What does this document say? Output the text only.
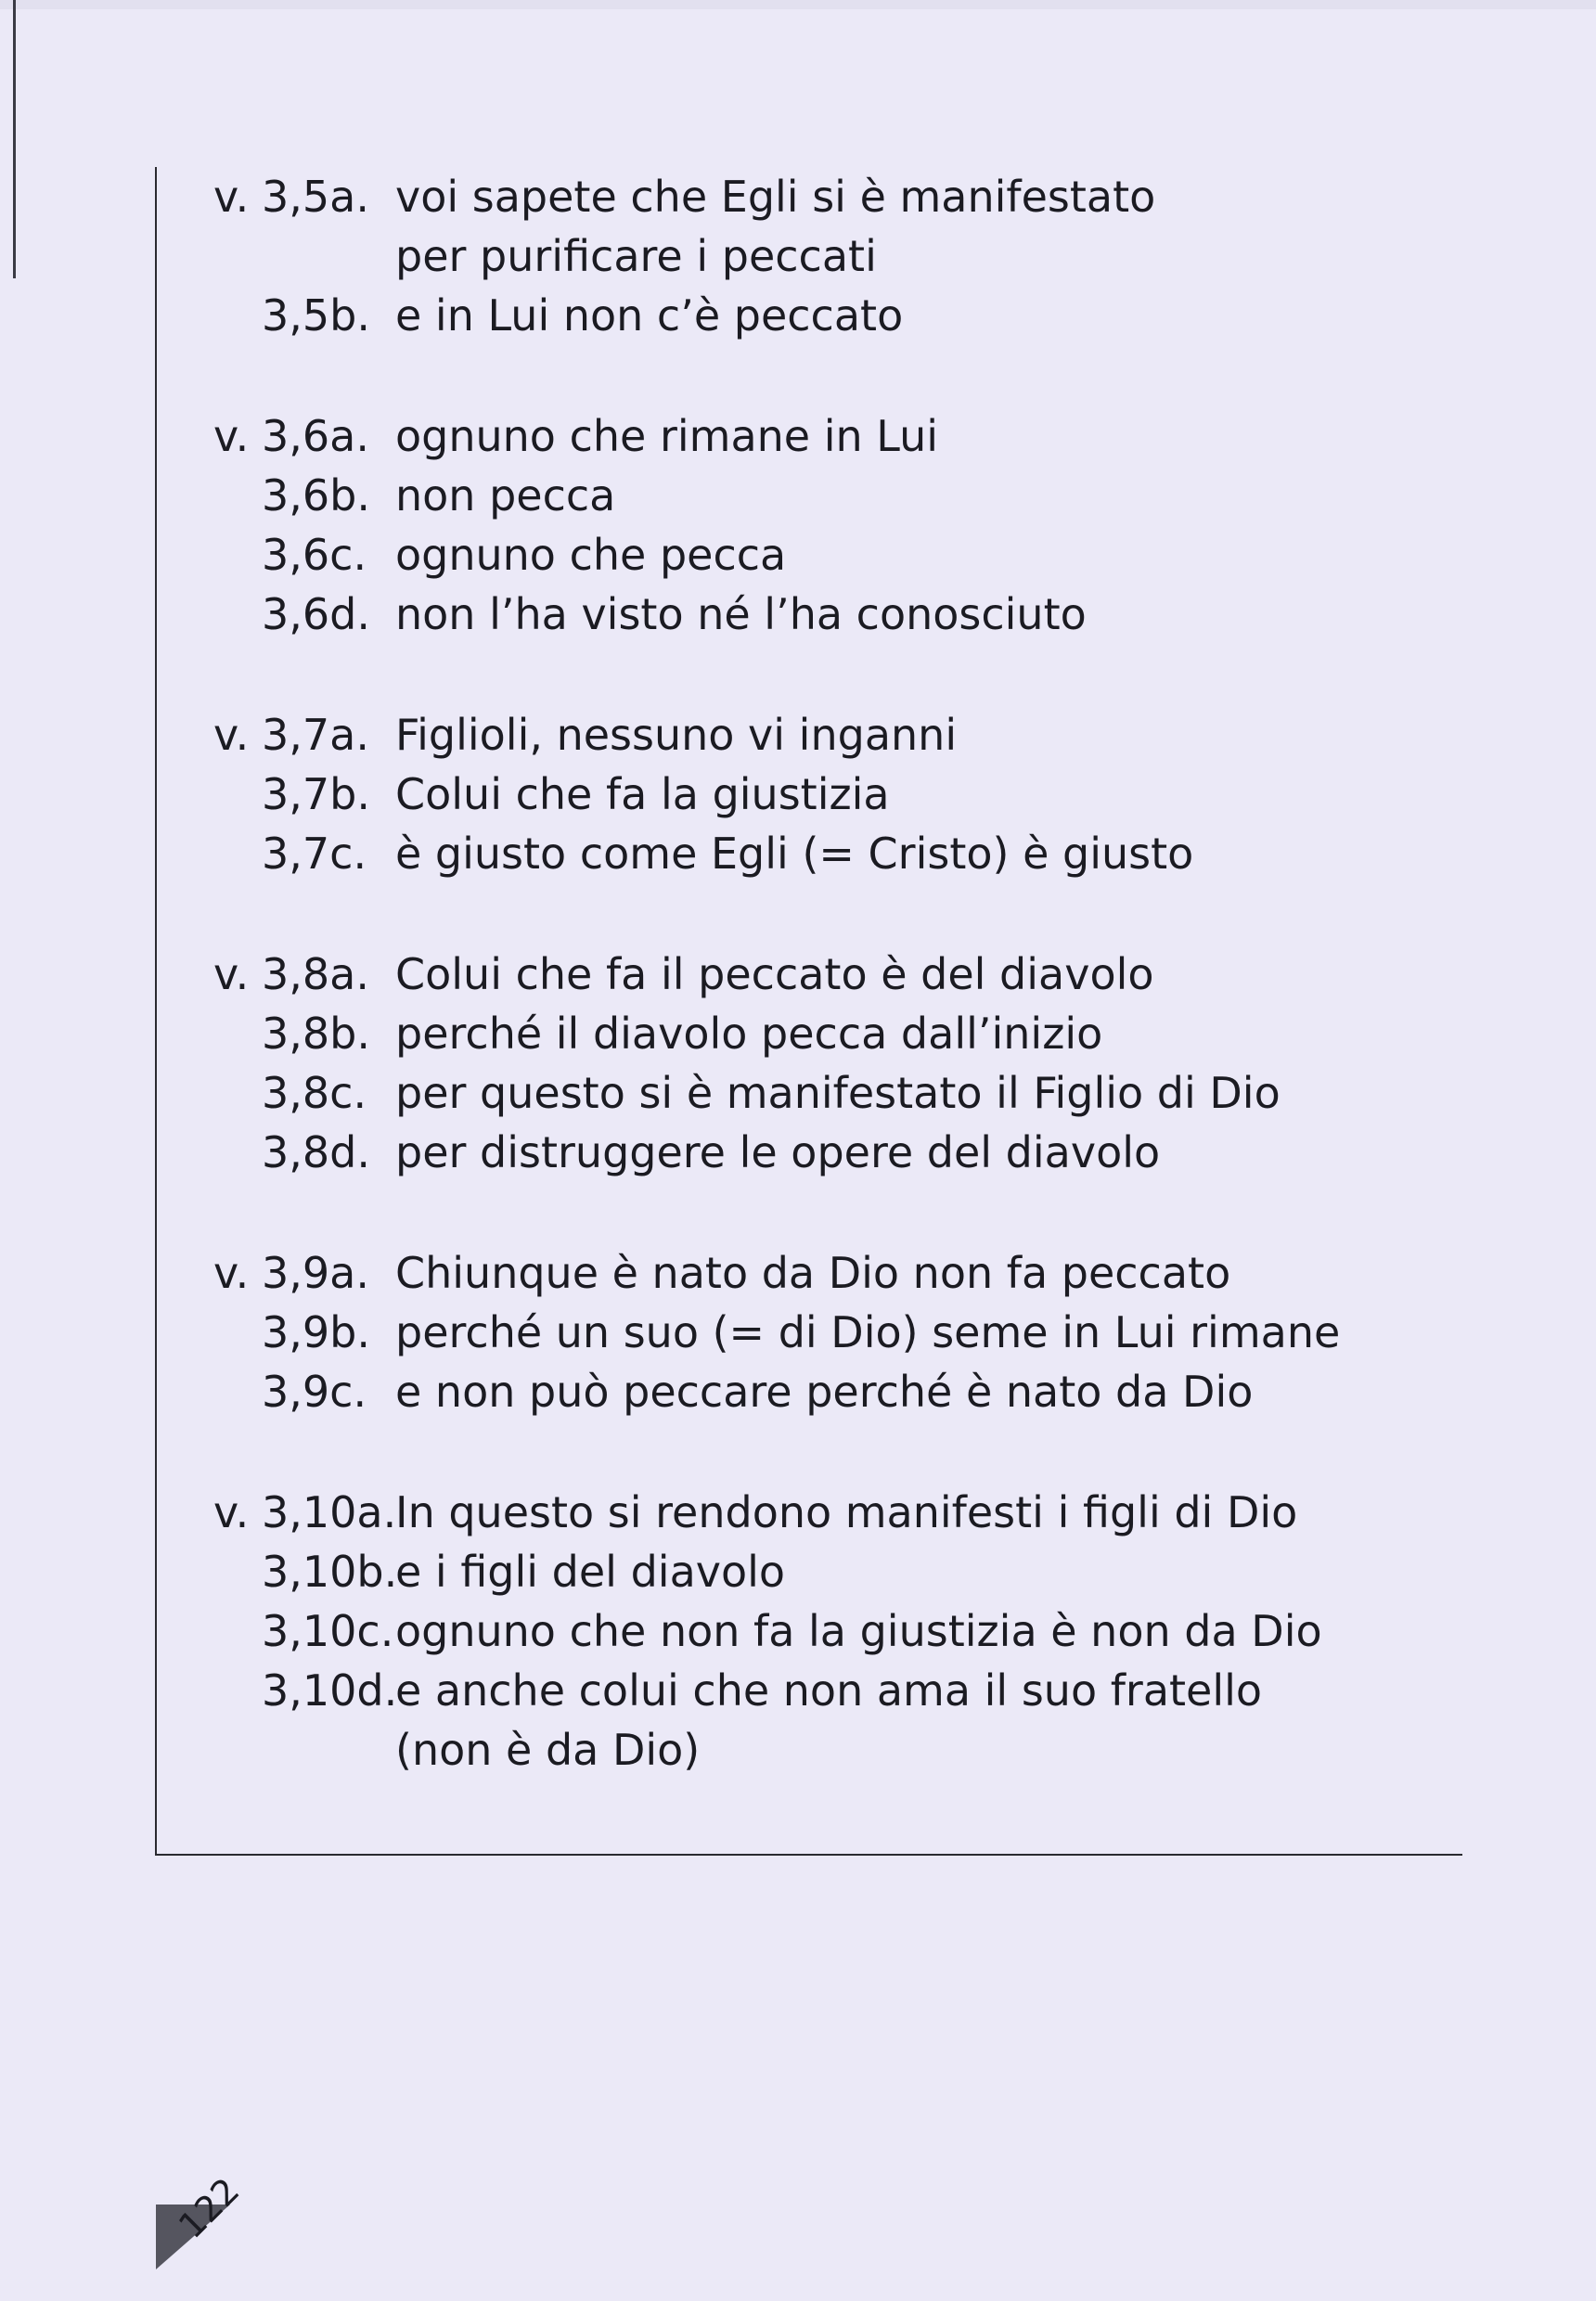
v. 3,5a. voi sapete che Egli si è manifestato
per purificare i peccati
3,5b. e in Lui non c’è peccato
v. 3,6a. ognuno che rimane in Lui
3,6b. non pecca
3,6c. ognuno che pecca
3,6d. non l’ha visto né l’ha conosciuto
v. 3,7a. Figlioli, nessuno vi inganni
3,7b. Colui che fa la giustizia
3,7c. è giusto come Egli (= Cristo) è giusto
v. 3,8a. Colui che fa il peccato è del diavolo
3,8b. perché il diavolo pecca dall’inizio
3,8c. per questo si è manifestato il Figlio di Dio
3,8d. per distruggere le opere del diavolo
v. 3,9a. Chiunque è nato da Dio non fa peccato
3,9b. perché un suo (= di Dio) seme in Lui rimane
3,9c. e non può peccare perché è nato da Dio
v. 3,10a.
In questo si rendono manifesti i figli di Dio
3,10b.
e i figli del diavolo
3,10c. ognuno che non fa la giustizia è non da Dio
3,10d.
e anche colui che non ama il suo fratello
(non è da Dio)
122
